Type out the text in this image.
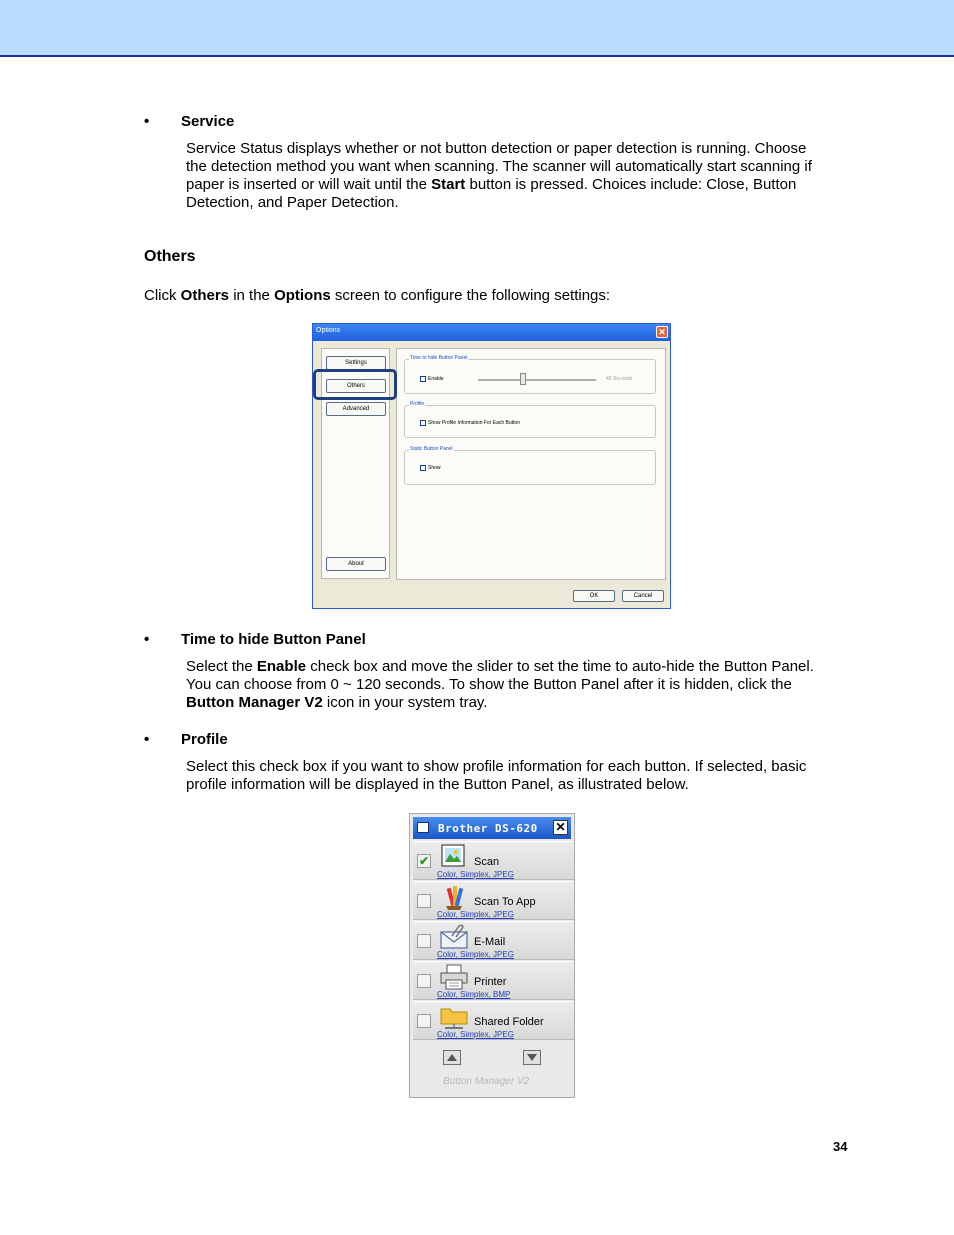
• Service
Service Status displays whether or not button detection or paper detection is running. Choose
the detection method you want when scanning. The scanner will automatically start scanning if
paper is inserted or will wait until the Start button is pressed. Choices include: Close, Button
Detection, and Paper Detection.
Others
Click Others in the Options screen to configure the following settings:
Options	✕
Settings
Others
Advanced
About
Time to hide Button Panel
Enable	45 Seconds
Profile
Show Profile Information For Each Button
Static Button Panel
Show
OK	Cancel
• Time to hide Button Panel
Select the Enable check box and move the slider to set the time to auto-hide the Button Panel.
You can choose from 0 ~ 120 seconds. To show the Button Panel after it is hidden, click the
Button Manager V2 icon in your system tray.
• Profile
Select this check box if you want to show profile information for each button. If selected, basic
profile information will be displayed in the Button Panel, as illustrated below.
Brother DS-620 ✕
✔	Scan
Color, Simplex, JPEG
Scan To App
Color, Simplex, JPEG
E-Mail
Color, Simplex, JPEG
Printer
Color, Simplex, BMP
Shared Folder
Color, Simplex, JPEG
Button Manager V2
34
